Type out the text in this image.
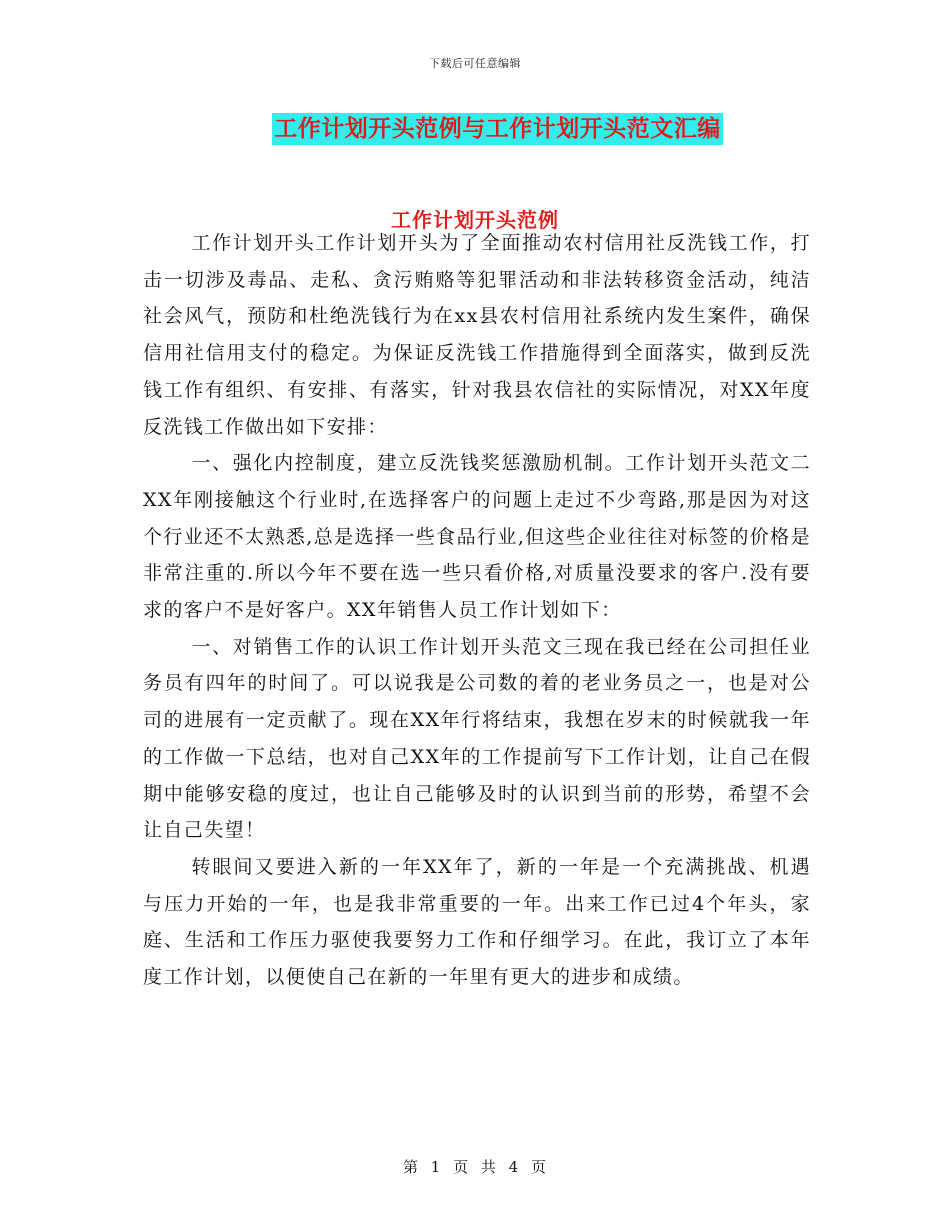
下载后可任意编辑
工作计划开头范例与工作计划开头范文汇编
工作计划开头范例

工作计划开头工作计划开头为了全面推动农村信用社反洗钱工作，打击一切涉及毒品、走私、贪污贿赂等犯罪活动和非法转移资金活动，纯洁社会风气，预防和杜绝洗钱行为在xx县农村信用社系统内发生案件，确保信用社信用支付的稳定。为保证反洗钱工作措施得到全面落实，做到反洗钱工作有组织、有安排、有落实，针对我县农信社的实际情况，对XX年度反洗钱工作做出如下安排：

一、强化内控制度，建立反洗钱奖惩激励机制。工作计划开头范文二XX年刚接触这个行业时,在选择客户的问题上走过不少弯路,那是因为对这个行业还不太熟悉,总是选择一些食品行业,但这些企业往往对标签的价格是非常注重的.所以今年不要在选一些只看价格,对质量没要求的客户.没有要求的客户不是好客户。XX年销售人员工作计划如下：

一、对销售工作的认识工作计划开头范文三现在我已经在公司担任业务员有四年的时间了。可以说我是公司数的着的老业务员之一，也是对公司的进展有一定贡献了。现在XX年行将结束，我想在岁末的时候就我一年的工作做一下总结，也对自己XX年的工作提前写下工作计划，让自己在假期中能够安稳的度过，也让自己能够及时的认识到当前的形势，希望不会让自己失望！

转眼间又要进入新的一年XX年了，新的一年是一个充满挑战、机遇与压力开始的一年，也是我非常重要的一年。出来工作已过4个年头，家庭、生活和工作压力驱使我要努力工作和仔细学习。在此，我订立了本年度工作计划，以便使自己在新的一年里有更大的进步和成绩。

第 1 页 共 4 页
